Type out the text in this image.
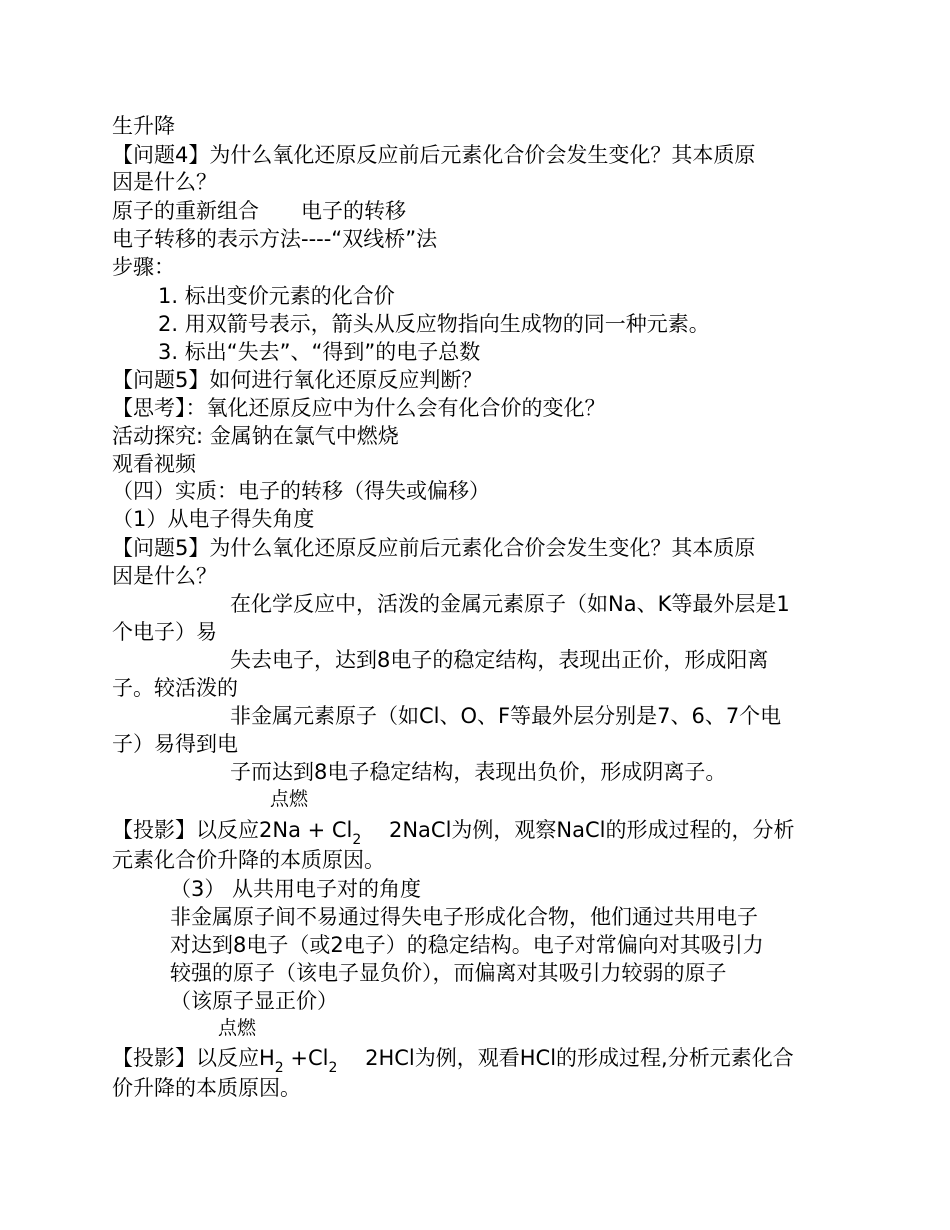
生升降
【问题4】为什么氧化还原反应前后元素化合价会发生变化？其本质原
因是什么？
原子的重新组合　　电子的转移
电子转移的表示方法----“双线桥”法
步骤：
1. 标出变价元素的化合价
2. 用双箭号表示，箭头从反应物指向生成物的同一种元素。
3. 标出“失去”、“得到”的电子总数
【问题5】如何进行氧化还原反应判断？
【思考】：氧化还原反应中为什么会有化合价的变化？
活动探究: 金属钠在氯气中燃烧
观看视频
（四）实质：电子的转移（得失或偏移）
（1）从电子得失角度
【问题5】为什么氧化还原反应前后元素化合价会发生变化？其本质原
因是什么？
在化学反应中，活泼的金属元素原子（如Na、K等最外层是1
个电子）易
失去电子，达到8电子的稳定结构，表现出正价，形成阳离
子。较活泼的
非金属元素原子（如Cl、O、F等最外层分别是7、6、7个电
子）易得到电
子而达到8电子稳定结构，表现出负价，形成阴离子。
点燃
【投影】以反应$2Na + Cl_2$　 2NaCl为例，观察NaCl的形成过程的，分析
元素化合价升降的本质原因。
（3） 从共用电子对的角度
非金属原子间不易通过得失电子形成化合物，他们通过共用电子
对达到8电子（或2电子）的稳定结构。电子对常偏向对其吸引力
较强的原子（该电子显负价），而偏离对其吸引力较弱的原子
（该原子显正价）
点燃
【投影】以反应$H_2 +Cl_2$　 2HCl为例，观看HCl的形成过程,分析元素化合
价升降的本质原因。
